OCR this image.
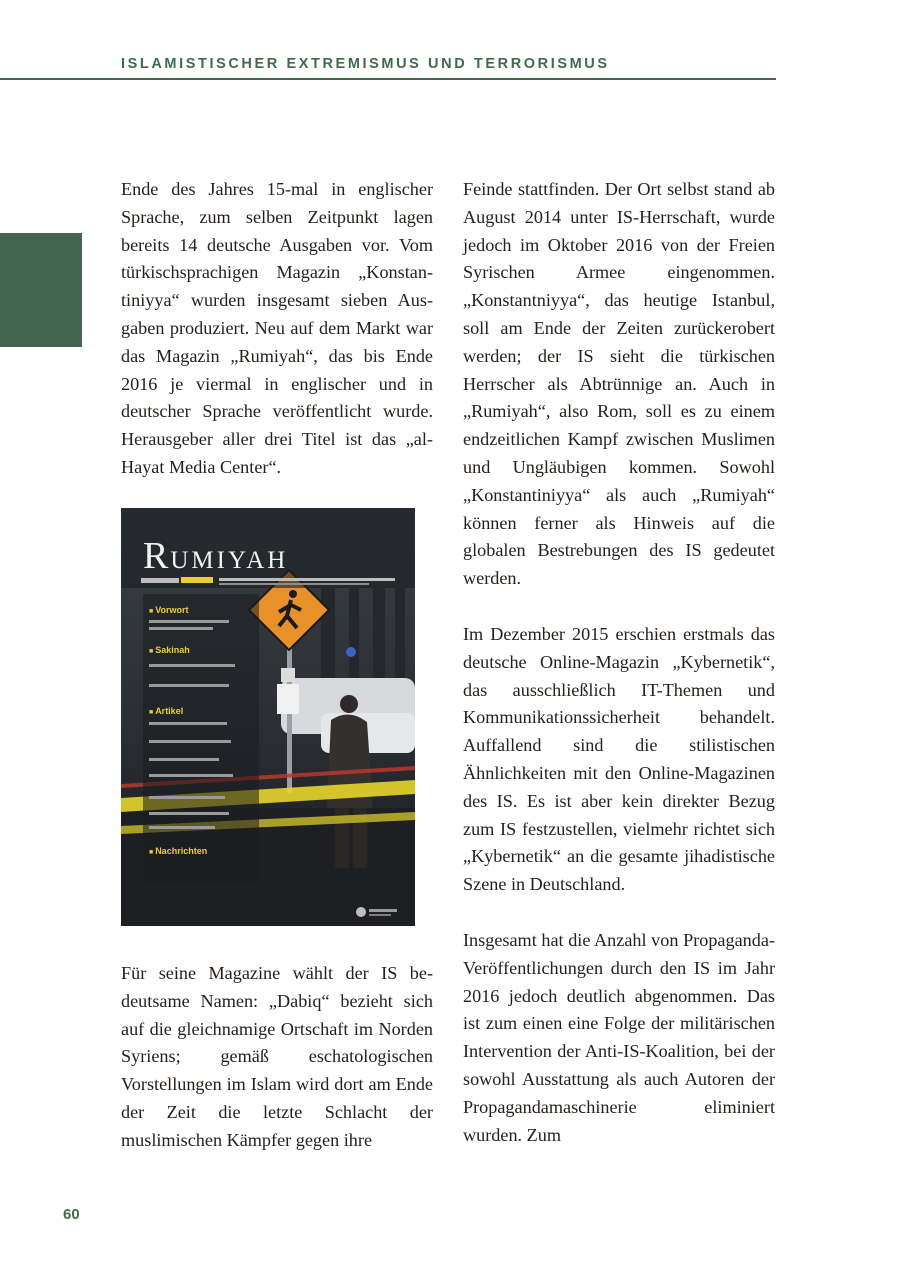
ISLAMISTISCHER EXTREMISMUS UND TERRORISMUS

Ende des Jahres 15-mal in englischer Sprache, zum selben Zeitpunkt lagen bereits 14 deutsche Ausgaben vor. Vom türkischsprachigen Magazin „Konstantiniyya“ wurden insgesamt sieben Ausgaben produziert. Neu auf dem Markt war das Magazin „Rumiyah“, das bis Ende 2016 je viermal in englischer und in deutscher Sprache veröffentlicht wurde. Herausgeber aller drei Titel ist das „al-Hayat Media Center“.

RUMIYAH
■ Vorwort
■ Sakinah
■ Artikel
■ Nachrichten

Für seine Magazine wählt der IS bedeutsame Namen: „Dabiq“ bezieht sich auf die gleichnamige Ortschaft im Norden Syriens; gemäß eschatologischen Vorstellungen im Islam wird dort am Ende der Zeit die letzte Schlacht der muslimischen Kämpfer gegen ihre

Feinde stattfinden. Der Ort selbst stand ab August 2014 unter IS-Herrschaft, wurde jedoch im Oktober 2016 von der Freien Syrischen Armee eingenommen. „Konstantniyya“, das heutige Istanbul, soll am Ende der Zeiten zurückerobert werden; der IS sieht die türkischen Herrscher als Abtrünnige an. Auch in „Rumiyah“, also Rom, soll es zu einem endzeitlichen Kampf zwischen Muslimen und Ungläubigen kommen. Sowohl „Konstantiniyya“ als auch „Rumiyah“ können ferner als Hinweis auf die globalen Bestrebungen des IS gedeutet werden.

Im Dezember 2015 erschien erstmals das deutsche Online-Magazin „Kybernetik“, das ausschließlich IT-Themen und Kommunikationssicherheit behandelt. Auffallend sind die stilistischen Ähnlichkeiten mit den Online-Magazinen des IS. Es ist aber kein direkter Bezug zum IS festzustellen, vielmehr richtet sich „Kybernetik“ an die gesamte jihadistische Szene in Deutschland.

Insgesamt hat die Anzahl von Propaganda-Veröffentlichungen durch den IS im Jahr 2016 jedoch deutlich abgenommen. Das ist zum einen eine Folge der militärischen Intervention der Anti-IS-Koalition, bei der sowohl Ausstattung als auch Autoren der Propagandamaschinerie eliminiert wurden. Zum

60
